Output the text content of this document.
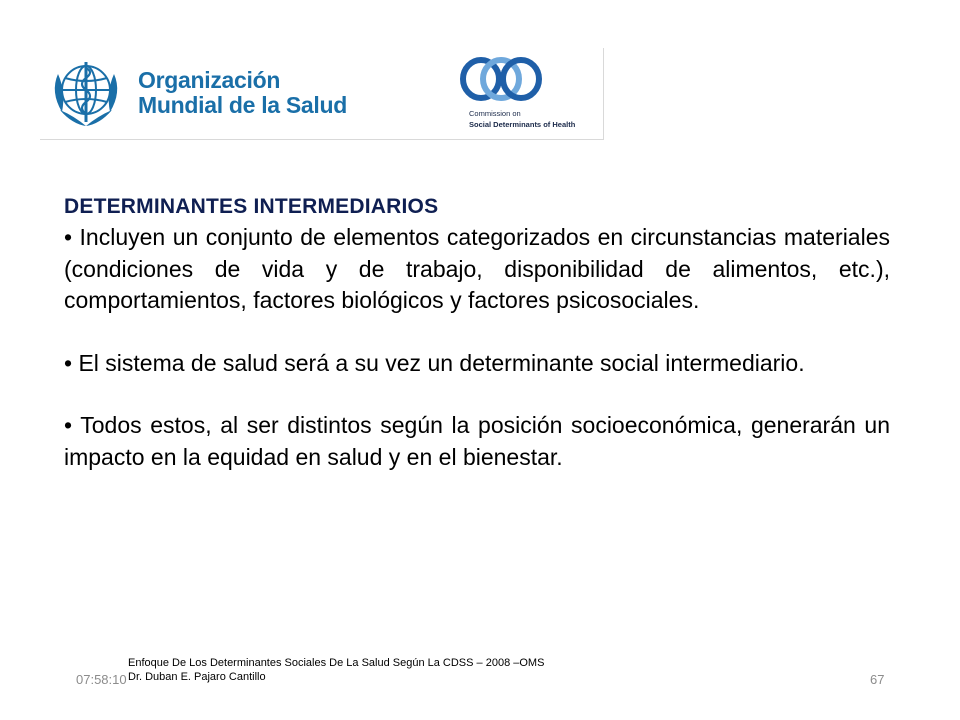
Organización
Mundial de la Salud	Commission on
Social Determinants of Health
DETERMINANTES INTERMEDIARIOS

• Incluyen un conjunto de elementos categorizados en circunstancias materiales (condiciones de vida y de trabajo, disponibilidad de alimentos, etc.), comportamientos, factores biológicos y factores psicosociales.

• El sistema de salud será a su vez un determinante social intermediario.

• Todos estos, al ser distintos según la posición socioeconómica, generarán un impacto en la equidad en salud y en el bienestar.

Enfoque De Los Determinantes Sociales De La Salud Según La CDSS – 2008 –OMS
Dr. Duban E. Pajaro Cantillo
07:58:10	67
